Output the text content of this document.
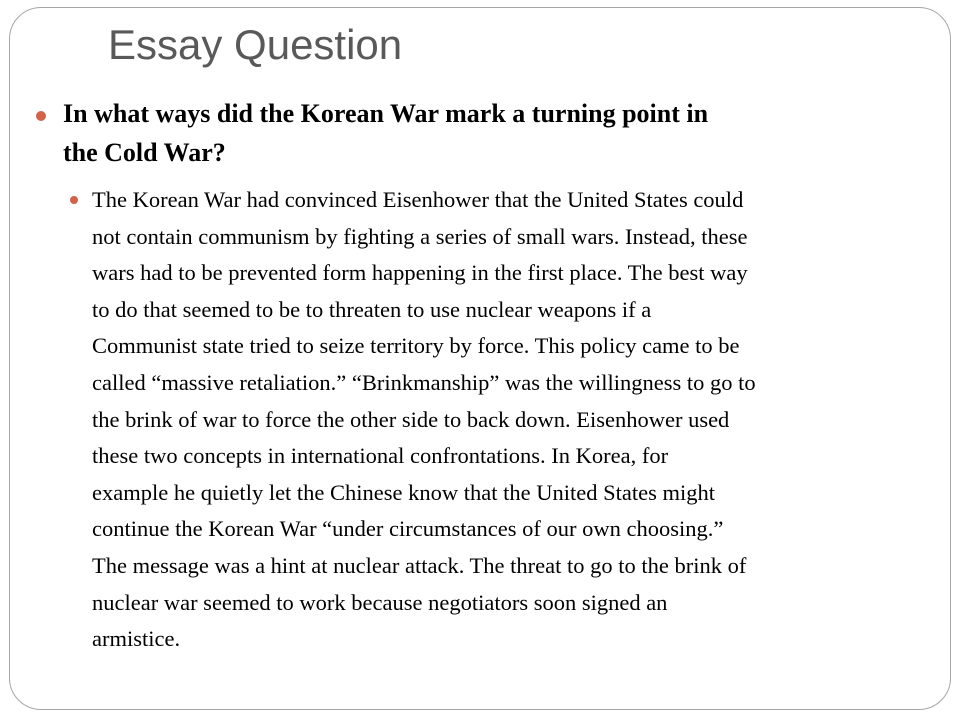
Essay Question

In what ways did the Korean War mark a turning point in
the Cold War?

The Korean War had convinced Eisenhower that the United States could
not contain communism by fighting a series of small wars. Instead, these
wars had to be prevented form happening in the first place. The best way
to do that seemed to be to threaten to use nuclear weapons if a
Communist state tried to seize territory by force. This policy came to be
called “massive retaliation.” “Brinkmanship” was the willingness to go to
the brink of war to force the other side to back down. Eisenhower used
these two concepts in international confrontations. In Korea, for
example he quietly let the Chinese know that the United States might
continue the Korean War “under circumstances of our own choosing.”
The message was a hint at nuclear attack. The threat to go to the brink of
nuclear war seemed to work because negotiators soon signed an
armistice.
